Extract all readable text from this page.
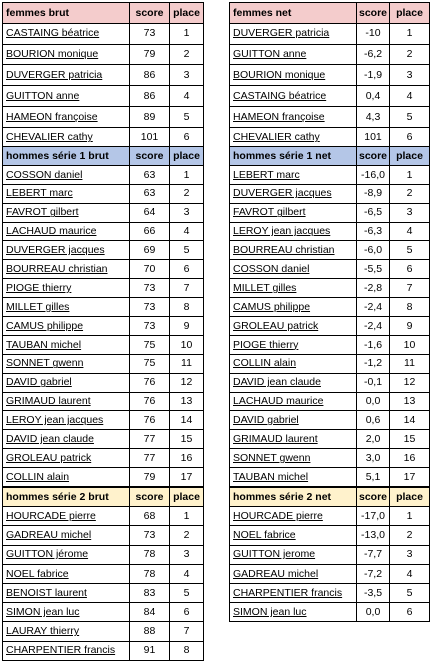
femmes brut	score	place
CASTAING béatrice	73	1
BOURION monique	79	2
DUVERGER patricia	86	3
GUITTON anne	86	4
HAMEON françoise	89	5
CHEVALIER cathy	101	6
femmes net	score	place
DUVERGER patricia	-10	1
GUITTON anne	-6,2	2
BOURION monique	-1,9	3
CASTAING béatrice	0,4	4
HAMEON françoise	4,3	5
CHEVALIER cathy	101	6
hommes série 1 brut	score	place
COSSON daniel	63	1
LEBERT marc	63	2
FAVROT gilbert	64	3
LACHAUD maurice	66	4
DUVERGER jacques	69	5
BOURREAU christian	70	6
PIOGE thierry	73	7
MILLET gilles	73	8
CAMUS philippe	73	9
TAUBAN michel	75	10
SONNET gwenn	75	11
DAVID gabriel	76	12
GRIMAUD laurent	76	13
LEROY jean jacques	76	14
DAVID jean claude	77	15
GROLEAU patrick	77	16
COLLIN alain	79	17
hommes série 1 net	score	place
LEBERT marc	-16,0	1
DUVERGER jacques	-8,9	2
FAVROT gilbert	-6,5	3
LEROY jean jacques	-6,3	4
BOURREAU christian	-6,0	5
COSSON daniel	-5,5	6
MILLET gilles	-2,8	7
CAMUS philippe	-2,4	8
GROLEAU patrick	-2,4	9
PIOGE thierry	-1,6	10
COLLIN alain	-1,2	11
DAVID jean claude	-0,1	12
LACHAUD maurice	0,0	13
DAVID gabriel	0,6	14
GRIMAUD laurent	2,0	15
SONNET gwenn	3,0	16
TAUBAN michel	5,1	17
hommes série 2 brut	score	place
HOURCADE pierre	68	1
GADREAU michel	73	2
GUITTON jérome	78	3
NOEL fabrice	78	4
BENOIST laurent	83	5
SIMON jean luc	84	6
LAURAY thierry	88	7
CHARPENTIER francis	91	8
hommes série 2 net	score	place
HOURCADE pierre	-17,0	1
NOEL fabrice	-13,0	2
GUITTON jerome	-7,7	3
GADREAU michel	-7,2	4
CHARPENTIER francis	-3,5	5
SIMON jean luc	0,0	6
